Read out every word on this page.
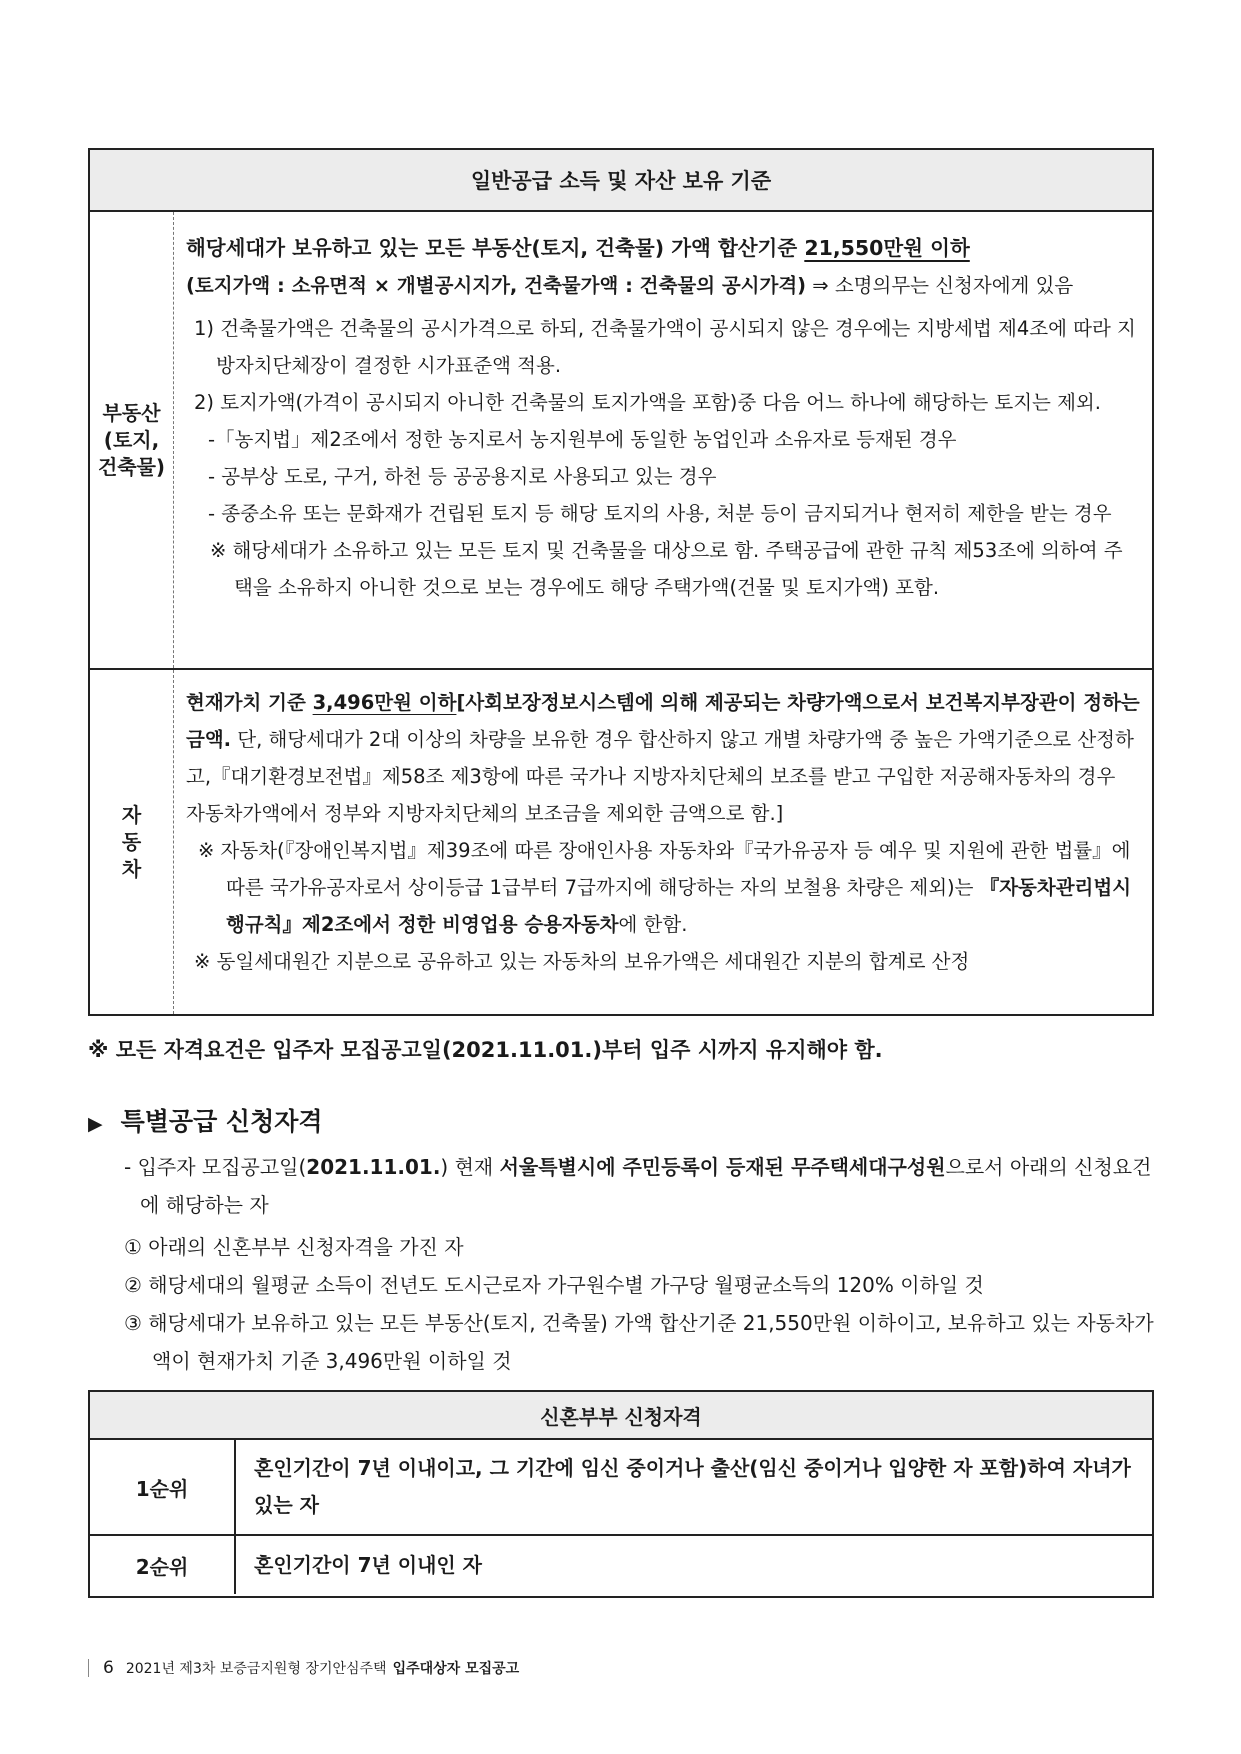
일반공급 소득 및 자산 보유 기준
부동산
(토지,
건축물)
해당세대가 보유하고 있는 모든 부동산(토지, 건축물) 가액 합산기준 21,550만원 이하
(토지가액 : 소유면적 × 개별공시지가, 건축물가액 : 건축물의 공시가격) ⇒ 소명의무는 신청자에게 있음
1) 건축물가액은 건축물의 공시가격으로 하되, 건축물가액이 공시되지 않은 경우에는 지방세법 제4조에 따라 지방자치단체장이 결정한 시가표준액 적용.
2) 토지가액(가격이 공시되지 아니한 건축물의 토지가액을 포함)중 다음 어느 하나에 해당하는 토지는 제외.
-「농지법」제2조에서 정한 농지로서 농지원부에 동일한 농업인과 소유자로 등재된 경우
- 공부상 도로, 구거, 하천 등 공공용지로 사용되고 있는 경우
- 종중소유 또는 문화재가 건립된 토지 등 해당 토지의 사용, 처분 등이 금지되거나 현저히 제한을 받는 경우
※ 해당세대가 소유하고 있는 모든 토지 및 건축물을 대상으로 함. 주택공급에 관한 규칙 제53조에 의하여 주택을 소유하지 아니한 것으로 보는 경우에도 해당 주택가액(건물 및 토지가액) 포함.
자
동
차
현재가치 기준 3,496만원 이하[사회보장정보시스템에 의해 제공되는 차량가액으로서 보건복지부장관이 정하는 금액. 단, 해당세대가 2대 이상의 차량을 보유한 경우 합산하지 않고 개별 차량가액 중 높은 가액기준으로 산정하고,『대기환경보전법』제58조 제3항에 따른 국가나 지방자치단체의 보조를 받고 구입한 저공해자동차의 경우 자동차가액에서 정부와 지방자치단체의 보조금을 제외한 금액으로 함.]
※ 자동차(『장애인복지법』제39조에 따른 장애인사용 자동차와『국가유공자 등 예우 및 지원에 관한 법률』에 따른 국가유공자로서 상이등급 1급부터 7급까지에 해당하는 자의 보철용 차량은 제외)는 『자동차관리법시행규칙』제2조에서 정한 비영업용 승용자동차에 한함.
※ 동일세대원간 지분으로 공유하고 있는 자동차의 보유가액은 세대원간 지분의 합계로 산정
※ 모든 자격요건은 입주자 모집공고일(2021.11.01.)부터 입주 시까지 유지해야 함.
▶ 특별공급 신청자격
- 입주자 모집공고일(2021.11.01.) 현재 서울특별시에 주민등록이 등재된 무주택세대구성원으로서 아래의 신청요건에 해당하는 자
① 아래의 신혼부부 신청자격을 가진 자
② 해당세대의 월평균 소득이 전년도 도시근로자 가구원수별 가구당 월평균소득의 120% 이하일 것
③ 해당세대가 보유하고 있는 모든 부동산(토지, 건축물) 가액 합산기준 21,550만원 이하이고, 보유하고 있는 자동차가액이 현재가치 기준 3,496만원 이하일 것
신혼부부 신청자격
1순위
혼인기간이 7년 이내이고, 그 기간에 임신 중이거나 출산(임신 중이거나 입양한 자 포함)하여 자녀가 있는 자
2순위	혼인기간이 7년 이내인 자
6 2021년 제3차 보증금지원형 장기안심주택 입주대상자 모집공고
